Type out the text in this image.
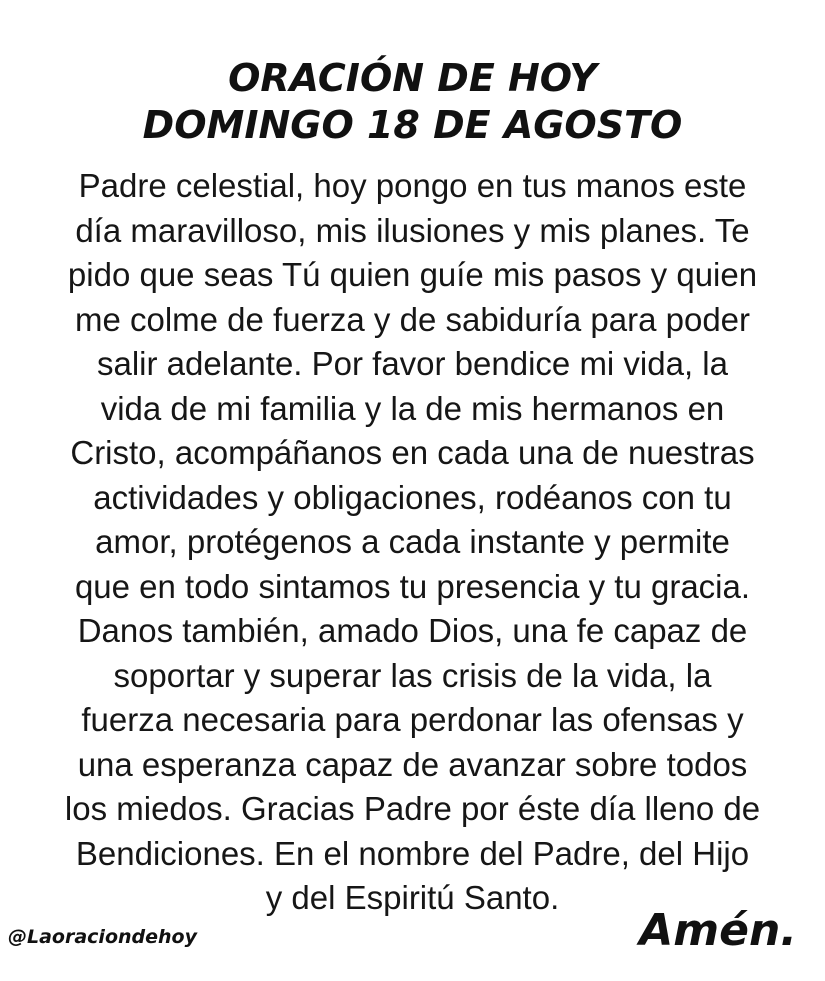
ORACIÓN DE HOY
DOMINGO 18 DE AGOSTO
Padre celestial, hoy pongo en tus manos este
día maravilloso, mis ilusiones y mis planes. Te
pido que seas Tú quien guíe mis pasos y quien
me colme de fuerza y de sabiduría para poder
salir adelante. Por favor bendice mi vida, la
vida de mi familia y la de mis hermanos en
Cristo, acompáñanos en cada una de nuestras
actividades y obligaciones, rodéanos con tu
amor, protégenos a cada instante y permite
que en todo sintamos tu presencia y tu gracia.
Danos también, amado Dios, una fe capaz de
soportar y superar las crisis de la vida, la
fuerza necesaria para perdonar las ofensas y
una esperanza capaz de avanzar sobre todos
los miedos. Gracias Padre por éste día lleno de
Bendiciones. En el nombre del Padre, del Hijo
y del Espiritú Santo.
@Laoraciondehoy	Amén.
